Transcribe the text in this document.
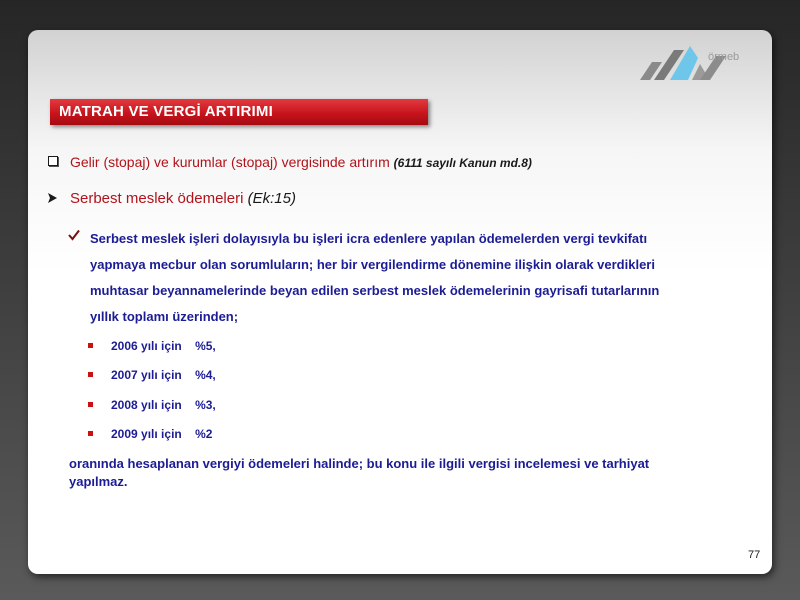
örmeb
MATRAH VE VERGİ ARTIRIMI
Gelir (stopaj) ve kurumlar (stopaj) vergisinde artırım (6111 sayılı Kanun md.8)
Serbest meslek ödemeleri (Ek:15)
Serbest meslek işleri dolayısıyla bu işleri icra edenlere yapılan ödemelerden vergi tevkifatı
yapmaya mecbur olan sorumluların; her bir vergilendirme dönemine ilişkin olarak verdikleri
muhtasar beyannamelerinde beyan edilen serbest meslek ödemelerinin gayrisafi tutarlarının
yıllık toplamı üzerinden;
2006 yılı için %5,
2007 yılı için %4,
2008 yılı için %3,
2009 yılı için %2
oranında hesaplanan vergiyi ödemeleri halinde; bu konu ile ilgili vergisi incelemesi ve tarhiyat
yapılmaz.
77
